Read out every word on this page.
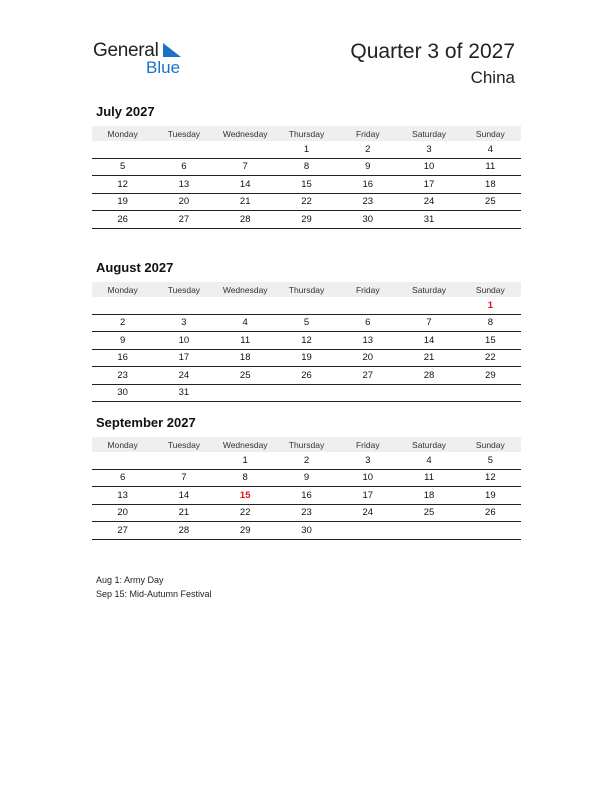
General
Blue
Quarter 3 of 2027
China
July 2027
Monday	Tuesday	Wednesday	Thursday	Friday	Saturday	Sunday
			1	2	3	4
5	6	7	8	9	10	11
12	13	14	15	16	17	18
19	20	21	22	23	24	25
26	27	28	29	30	31	
August 2027
Monday	Tuesday	Wednesday	Thursday	Friday	Saturday	Sunday
						1
2	3	4	5	6	7	8
9	10	11	12	13	14	15
16	17	18	19	20	21	22
23	24	25	26	27	28	29
30	31					
September 2027
Monday	Tuesday	Wednesday	Thursday	Friday	Saturday	Sunday
		1	2	3	4	5
6	7	8	9	10	11	12
13	14	15	16	17	18	19
20	21	22	23	24	25	26
27	28	29	30			
Aug 1: Army Day
Sep 15: Mid-Autumn Festival
